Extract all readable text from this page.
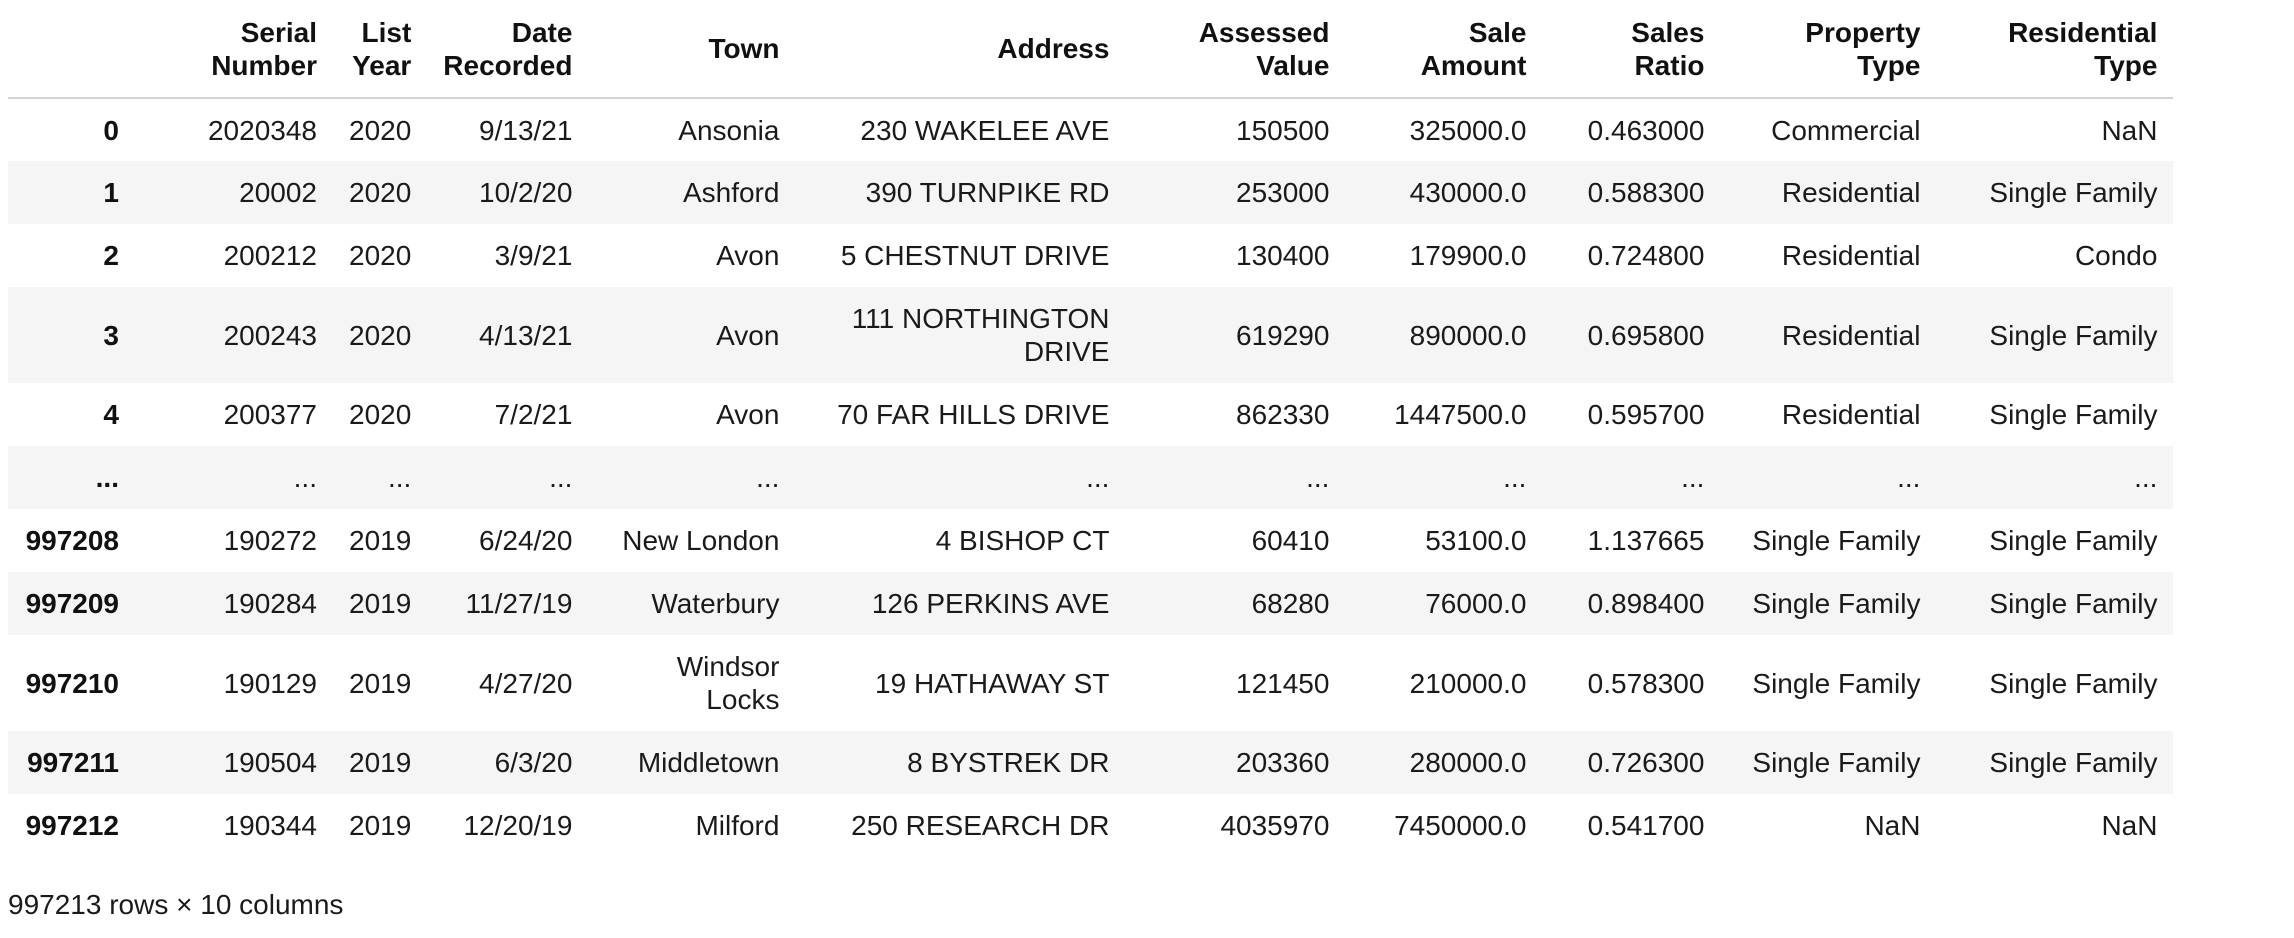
	Serial Number	List Year	Date Recorded	Town	Address	Assessed Value	Sale Amount	Sales Ratio	Property Type	Residential Type
0	2020348	2020	9/13/21	Ansonia	230 WAKELEE AVE	150500	325000.0	0.463000	Commercial	NaN
1	20002	2020	10/2/20	Ashford	390 TURNPIKE RD	253000	430000.0	0.588300	Residential	Single Family
2	200212	2020	3/9/21	Avon	5 CHESTNUT DRIVE	130400	179900.0	0.724800	Residential	Condo
3	200243	2020	4/13/21	Avon	111 NORTHINGTON DRIVE	619290	890000.0	0.695800	Residential	Single Family
4	200377	2020	7/2/21	Avon	70 FAR HILLS DRIVE	862330	1447500.0	0.595700	Residential	Single Family
...	...	...	...	...	...	...	...	...	...	...
997208	190272	2019	6/24/20	New London	4 BISHOP CT	60410	53100.0	1.137665	Single Family	Single Family
997209	190284	2019	11/27/19	Waterbury	126 PERKINS AVE	68280	76000.0	0.898400	Single Family	Single Family
997210	190129	2019	4/27/20	Windsor Locks	19 HATHAWAY ST	121450	210000.0	0.578300	Single Family	Single Family
997211	190504	2019	6/3/20	Middletown	8 BYSTREK DR	203360	280000.0	0.726300	Single Family	Single Family
997212	190344	2019	12/20/19	Milford	250 RESEARCH DR	4035970	7450000.0	0.541700	NaN	NaN
997213 rows × 10 columns
